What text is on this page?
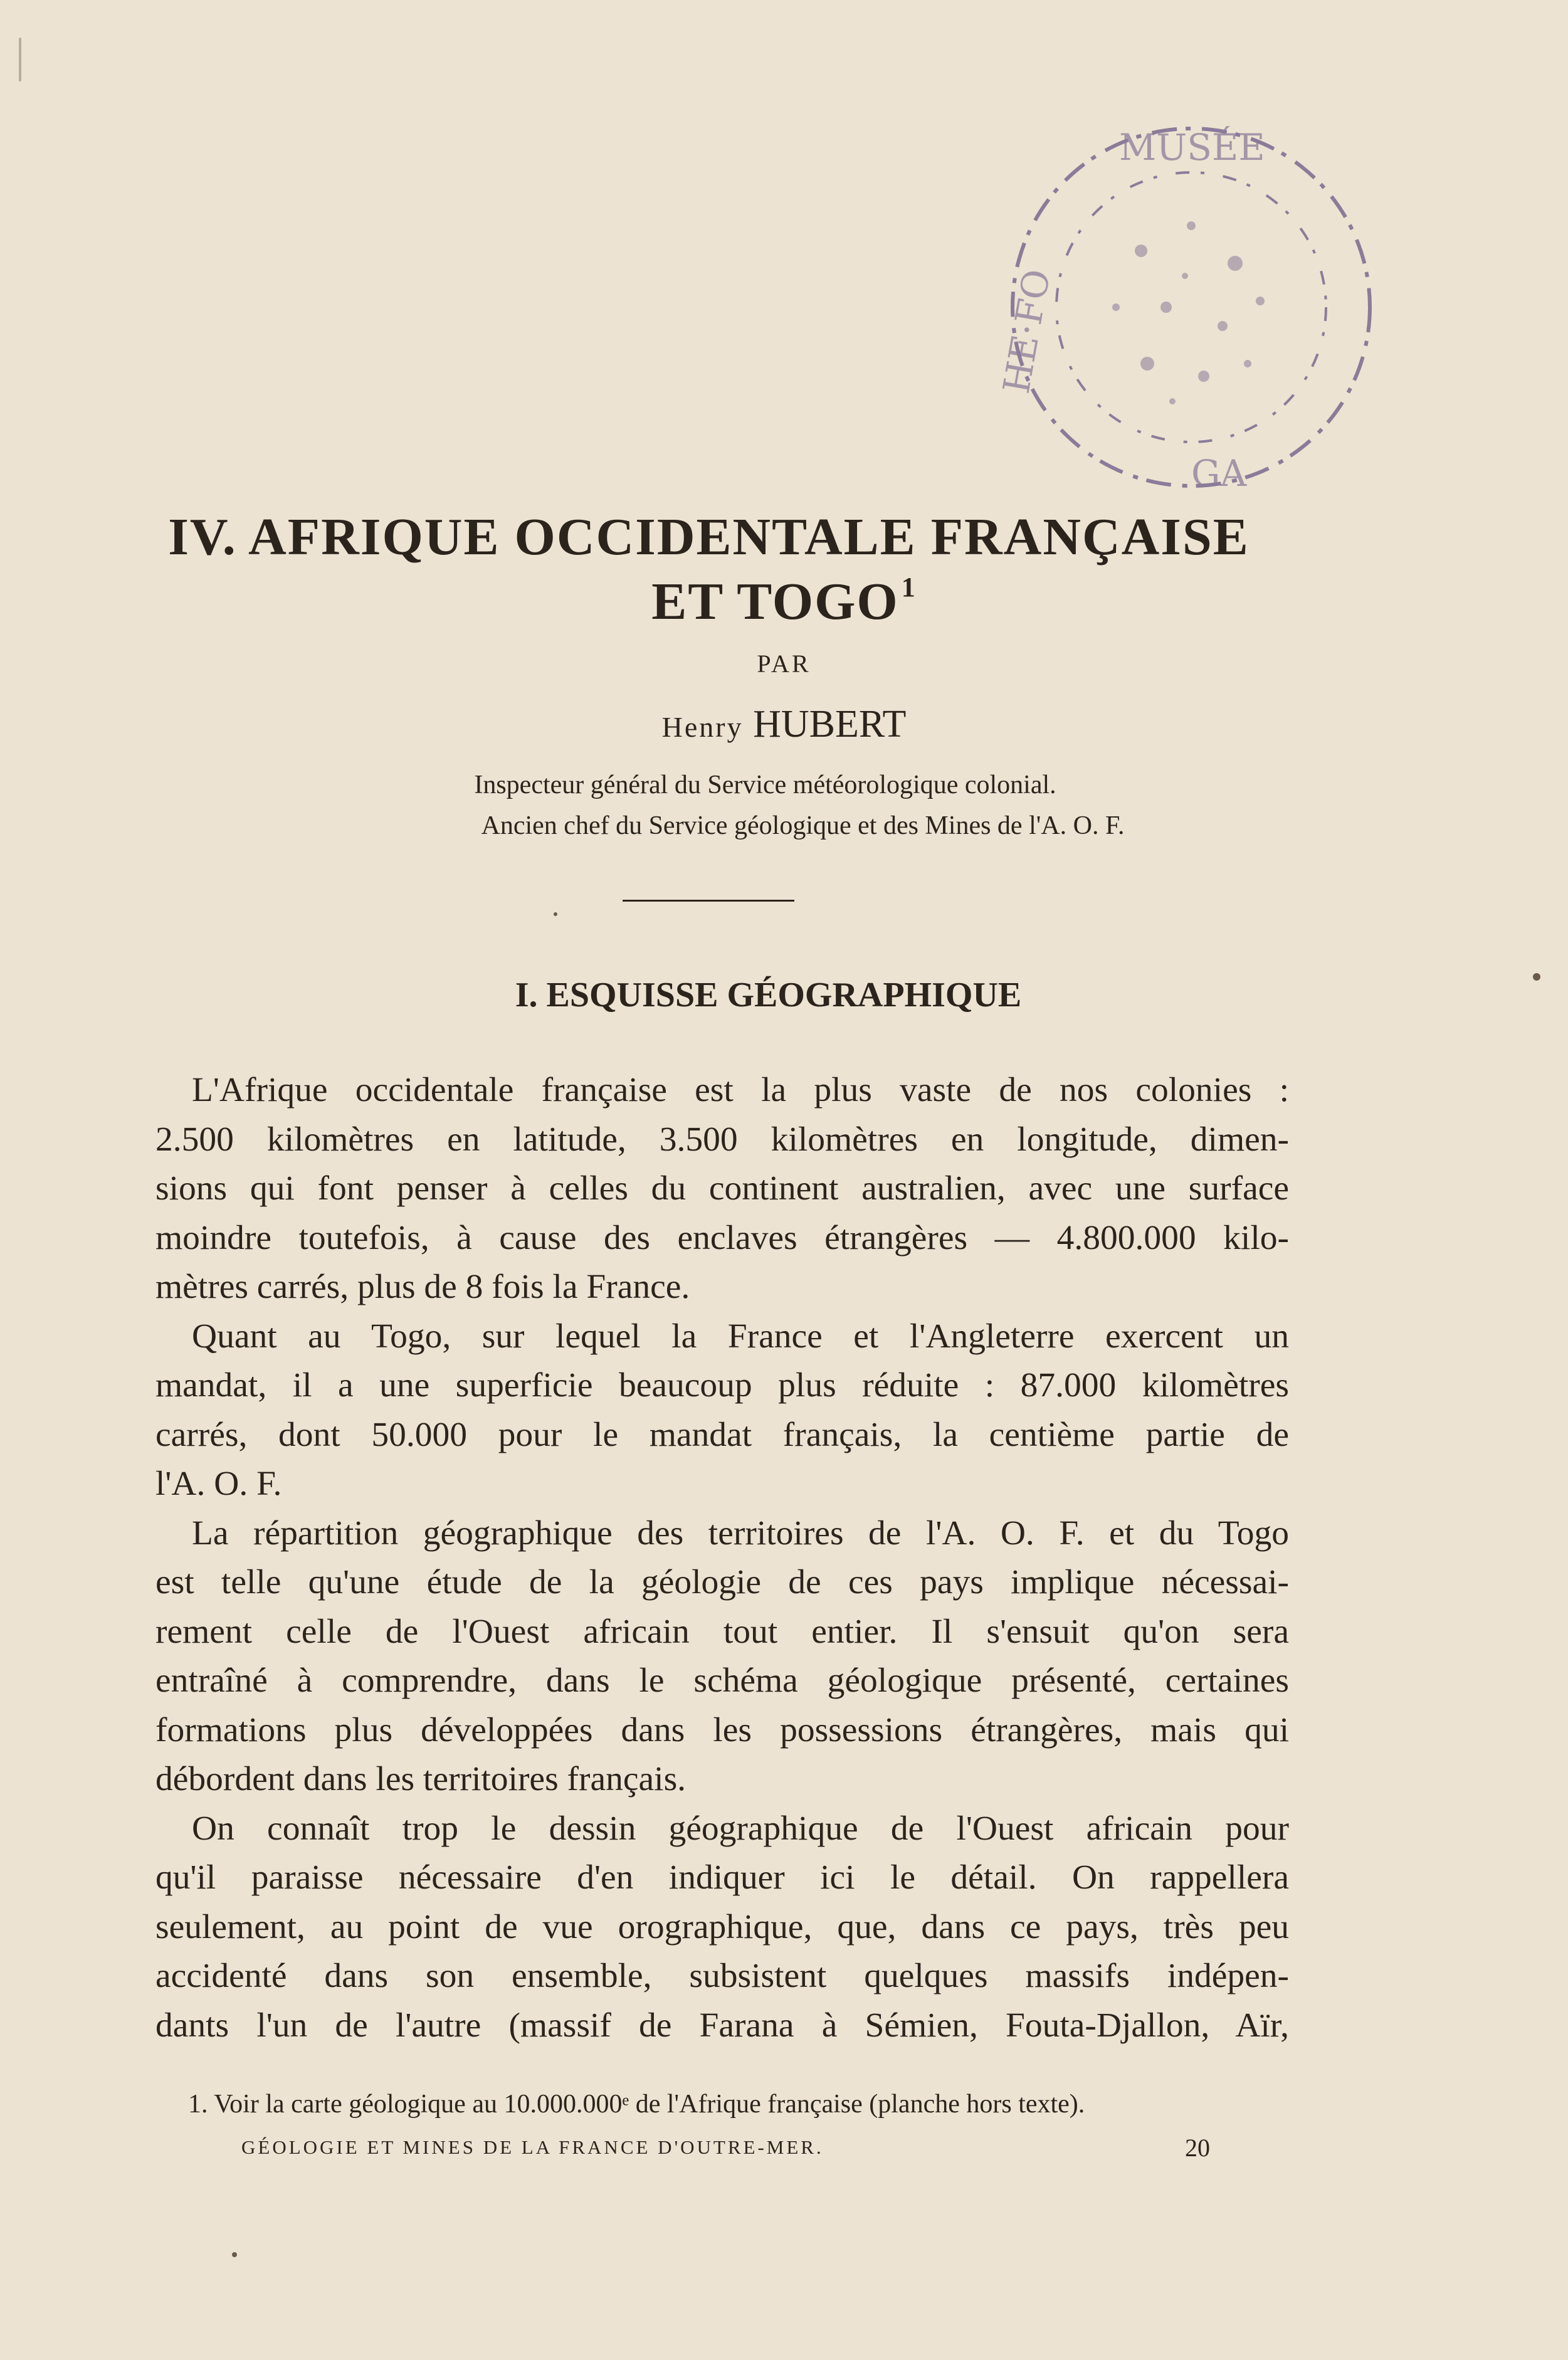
MUSÉE
HE·FO
GA
IV. AFRIQUE OCCIDENTALE FRANÇAISE
ET TOGO$^1$
PAR
Henry HUBERT
Inspecteur général du Service météorologique colonial.
Ancien chef du Service géologique et des Mines de l'A. O. F.
I. ESQUISSE GÉOGRAPHIQUE

L'Afrique occidentale française est la plus vaste de nos colonies :

2.500 kilomètres en latitude, 3.500 kilomètres en longitude, dimen-

sions qui font penser à celles du continent australien, avec une surface

moindre toutefois, à cause des enclaves étrangères — 4.800.000 kilo-

mètres carrés, plus de 8 fois la France.

Quant au Togo, sur lequel la France et l'Angleterre exercent un

mandat, il a une superficie beaucoup plus réduite : 87.000 kilomètres

carrés, dont 50.000 pour le mandat français, la centième partie de

l'A. O. F.

La répartition géographique des territoires de l'A. O. F. et du Togo

est telle qu'une étude de la géologie de ces pays implique nécessai-

rement celle de l'Ouest africain tout entier. Il s'ensuit qu'on sera

entraîné à comprendre, dans le schéma géologique présenté, certaines

formations plus développées dans les possessions étrangères, mais qui

débordent dans les territoires français.

On connaît trop le dessin géographique de l'Ouest africain pour

qu'il paraisse nécessaire d'en indiquer ici le détail. On rappellera

seulement, au point de vue orographique, que, dans ce pays, très peu

accidenté dans son ensemble, subsistent quelques massifs indépen-

dants l'un de l'autre (massif de Farana à Sémien, Fouta-Djallon, Aïr,

1. Voir la carte géologique au 10.000.000ᵉ de l'Afrique française (planche hors texte).
GÉOLOGIE ET MINES DE LA FRANCE D'OUTRE-MER.	20
